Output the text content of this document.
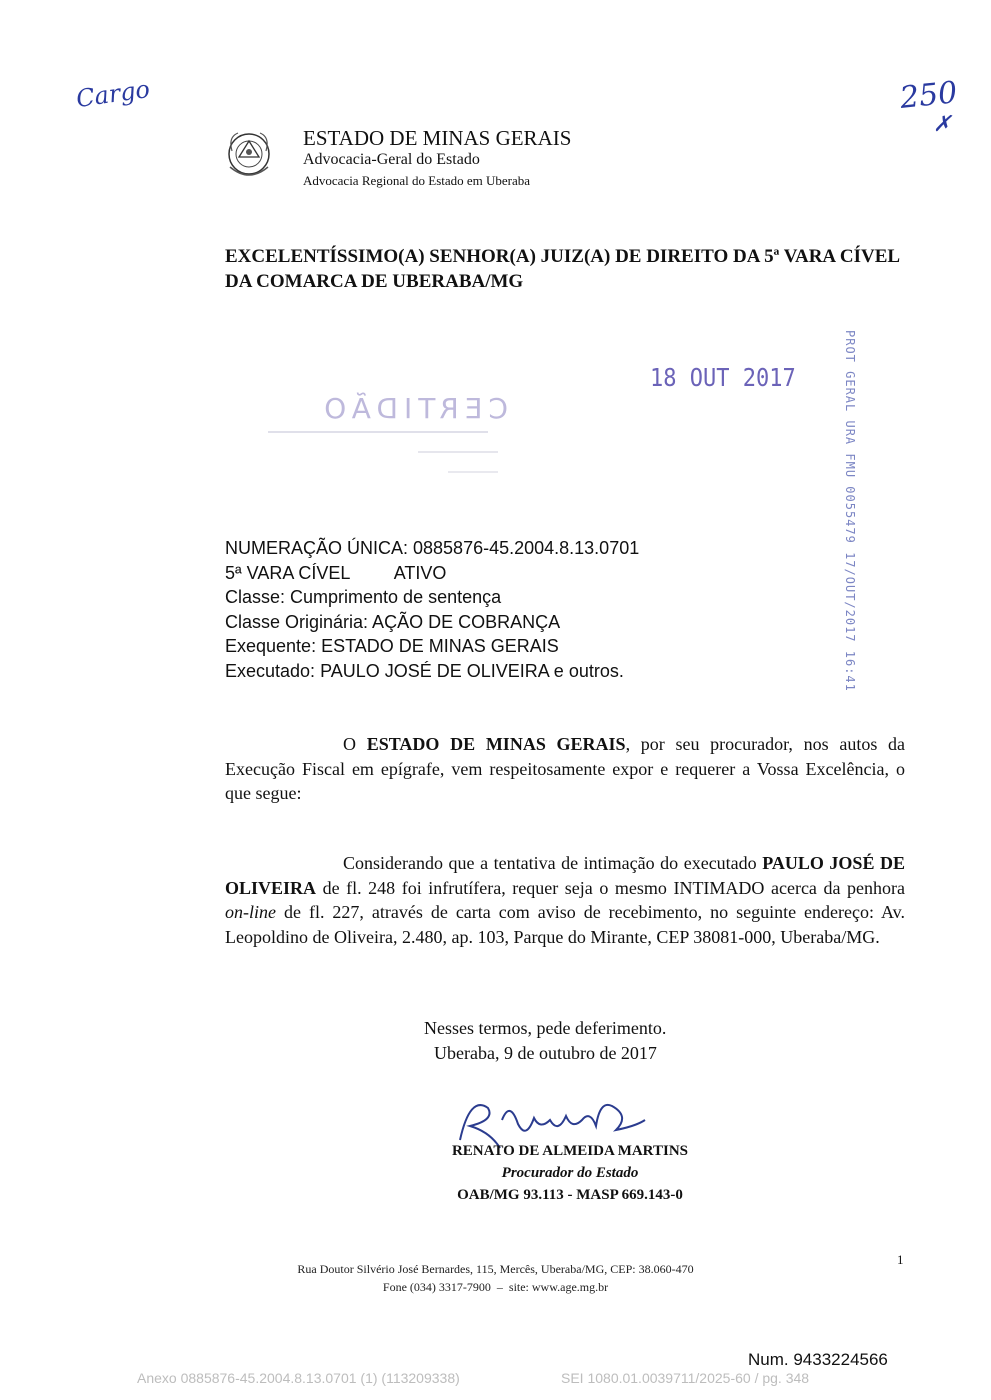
Cargo	250
✗
ESTADO DE MINAS GERAIS
Advocacia-Geral do Estado
Advocacia Regional do Estado em Uberaba
EXCELENTÍSSIMO(A) SENHOR(A) JUIZ(A) DE DIREITO DA 5ª VARA CÍVEL DA COMARCA DE UBERABA/MG
PROT GERAL URA FMU 0055479 17/OUT/2017 16:41
18 OUT 2017
CERTIDÃO
NUMERAÇÃO ÚNICA: 0885876-45.2004.8.13.0701
5ª VARA CÍVEL         ATIVO
Classe: Cumprimento de sentença
Classe Originária: AÇÃO DE COBRANÇA
Exequente: ESTADO DE MINAS GERAIS
Executado: PAULO JOSÉ DE OLIVEIRA e outros.
O ESTADO DE MINAS GERAIS, por seu procurador, nos autos da Execução Fiscal em epígrafe, vem respeitosamente expor e requerer a Vossa Excelência, o que segue:
Considerando que a tentativa de intimação do executado PAULO JOSÉ DE OLIVEIRA de fl. 248 foi infrutífera, requer seja o mesmo INTIMADO acerca da penhora on-line de fl. 227, através de carta com aviso de recebimento, no seguinte endereço: Av. Leopoldino de Oliveira, 2.480, ap. 103, Parque do Mirante, CEP 38081-000, Uberaba/MG.
Nesses termos, pede deferimento.
Uberaba, 9 de outubro de 2017
RENATO DE ALMEIDA MARTINS
Procurador do Estado
OAB/MG 93.113 - MASP 669.143-0
Rua Doutor Silvério José Bernardes, 115, Mercês, Uberaba/MG, CEP: 38.060-470
Fone (034) 3317-7900  –  site: www.age.mg.br
1
Num. 9433224566
Anexo 0885876-45.2004.8.13.0701 (1) (113209338)	SEI 1080.01.0039711/2025-60 / pg. 348
